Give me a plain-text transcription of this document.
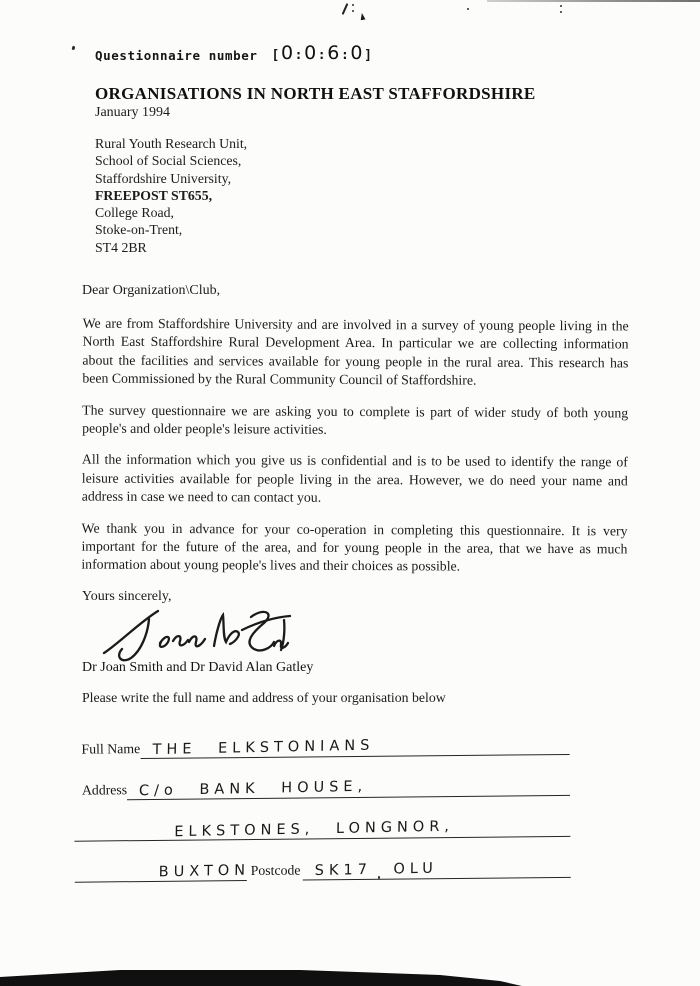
Questionnaire number [ 0 : 0 : 6 : 0 ]
ORGANISATIONS IN NORTH EAST STAFFORDSHIRE
January 1994
Rural Youth Research Unit,
School of Social Sciences,
Staffordshire University,
FREEPOST ST655,
College Road,
Stoke-on-Trent,
ST4 2BR
Dear Organization\Club,

We are from Staffordshire University and are involved in a survey of young people living in the North East Staffordshire Rural Development Area. In particular we are collecting information about the facilities and services available for young people in the rural area. This research has been Commissioned by the Rural Community Council of Staffordshire.

The survey questionnaire we are asking you to complete is part of wider study of both young people's and older people's leisure activities.

All the information which you give us is confidential and is to be used to identify the range of leisure activities available for people living in the area. However, we do need your name and address in case we need to can contact you.

We thank you in advance for your co-operation in completing this questionnaire. It is very important for the future of the area, and for young people in the area, that we have as much information about young people's lives and their choices as possible.

Yours sincerely,
Dr Joan Smith and Dr David Alan Gatley
Please write the full name and address of your organisation below
Full Name THE ELKSTONIANS
Address C/o BANK HOUSE,
ELKSTONES, LONGNOR,
BUXTON Postcode SK17 OLU
